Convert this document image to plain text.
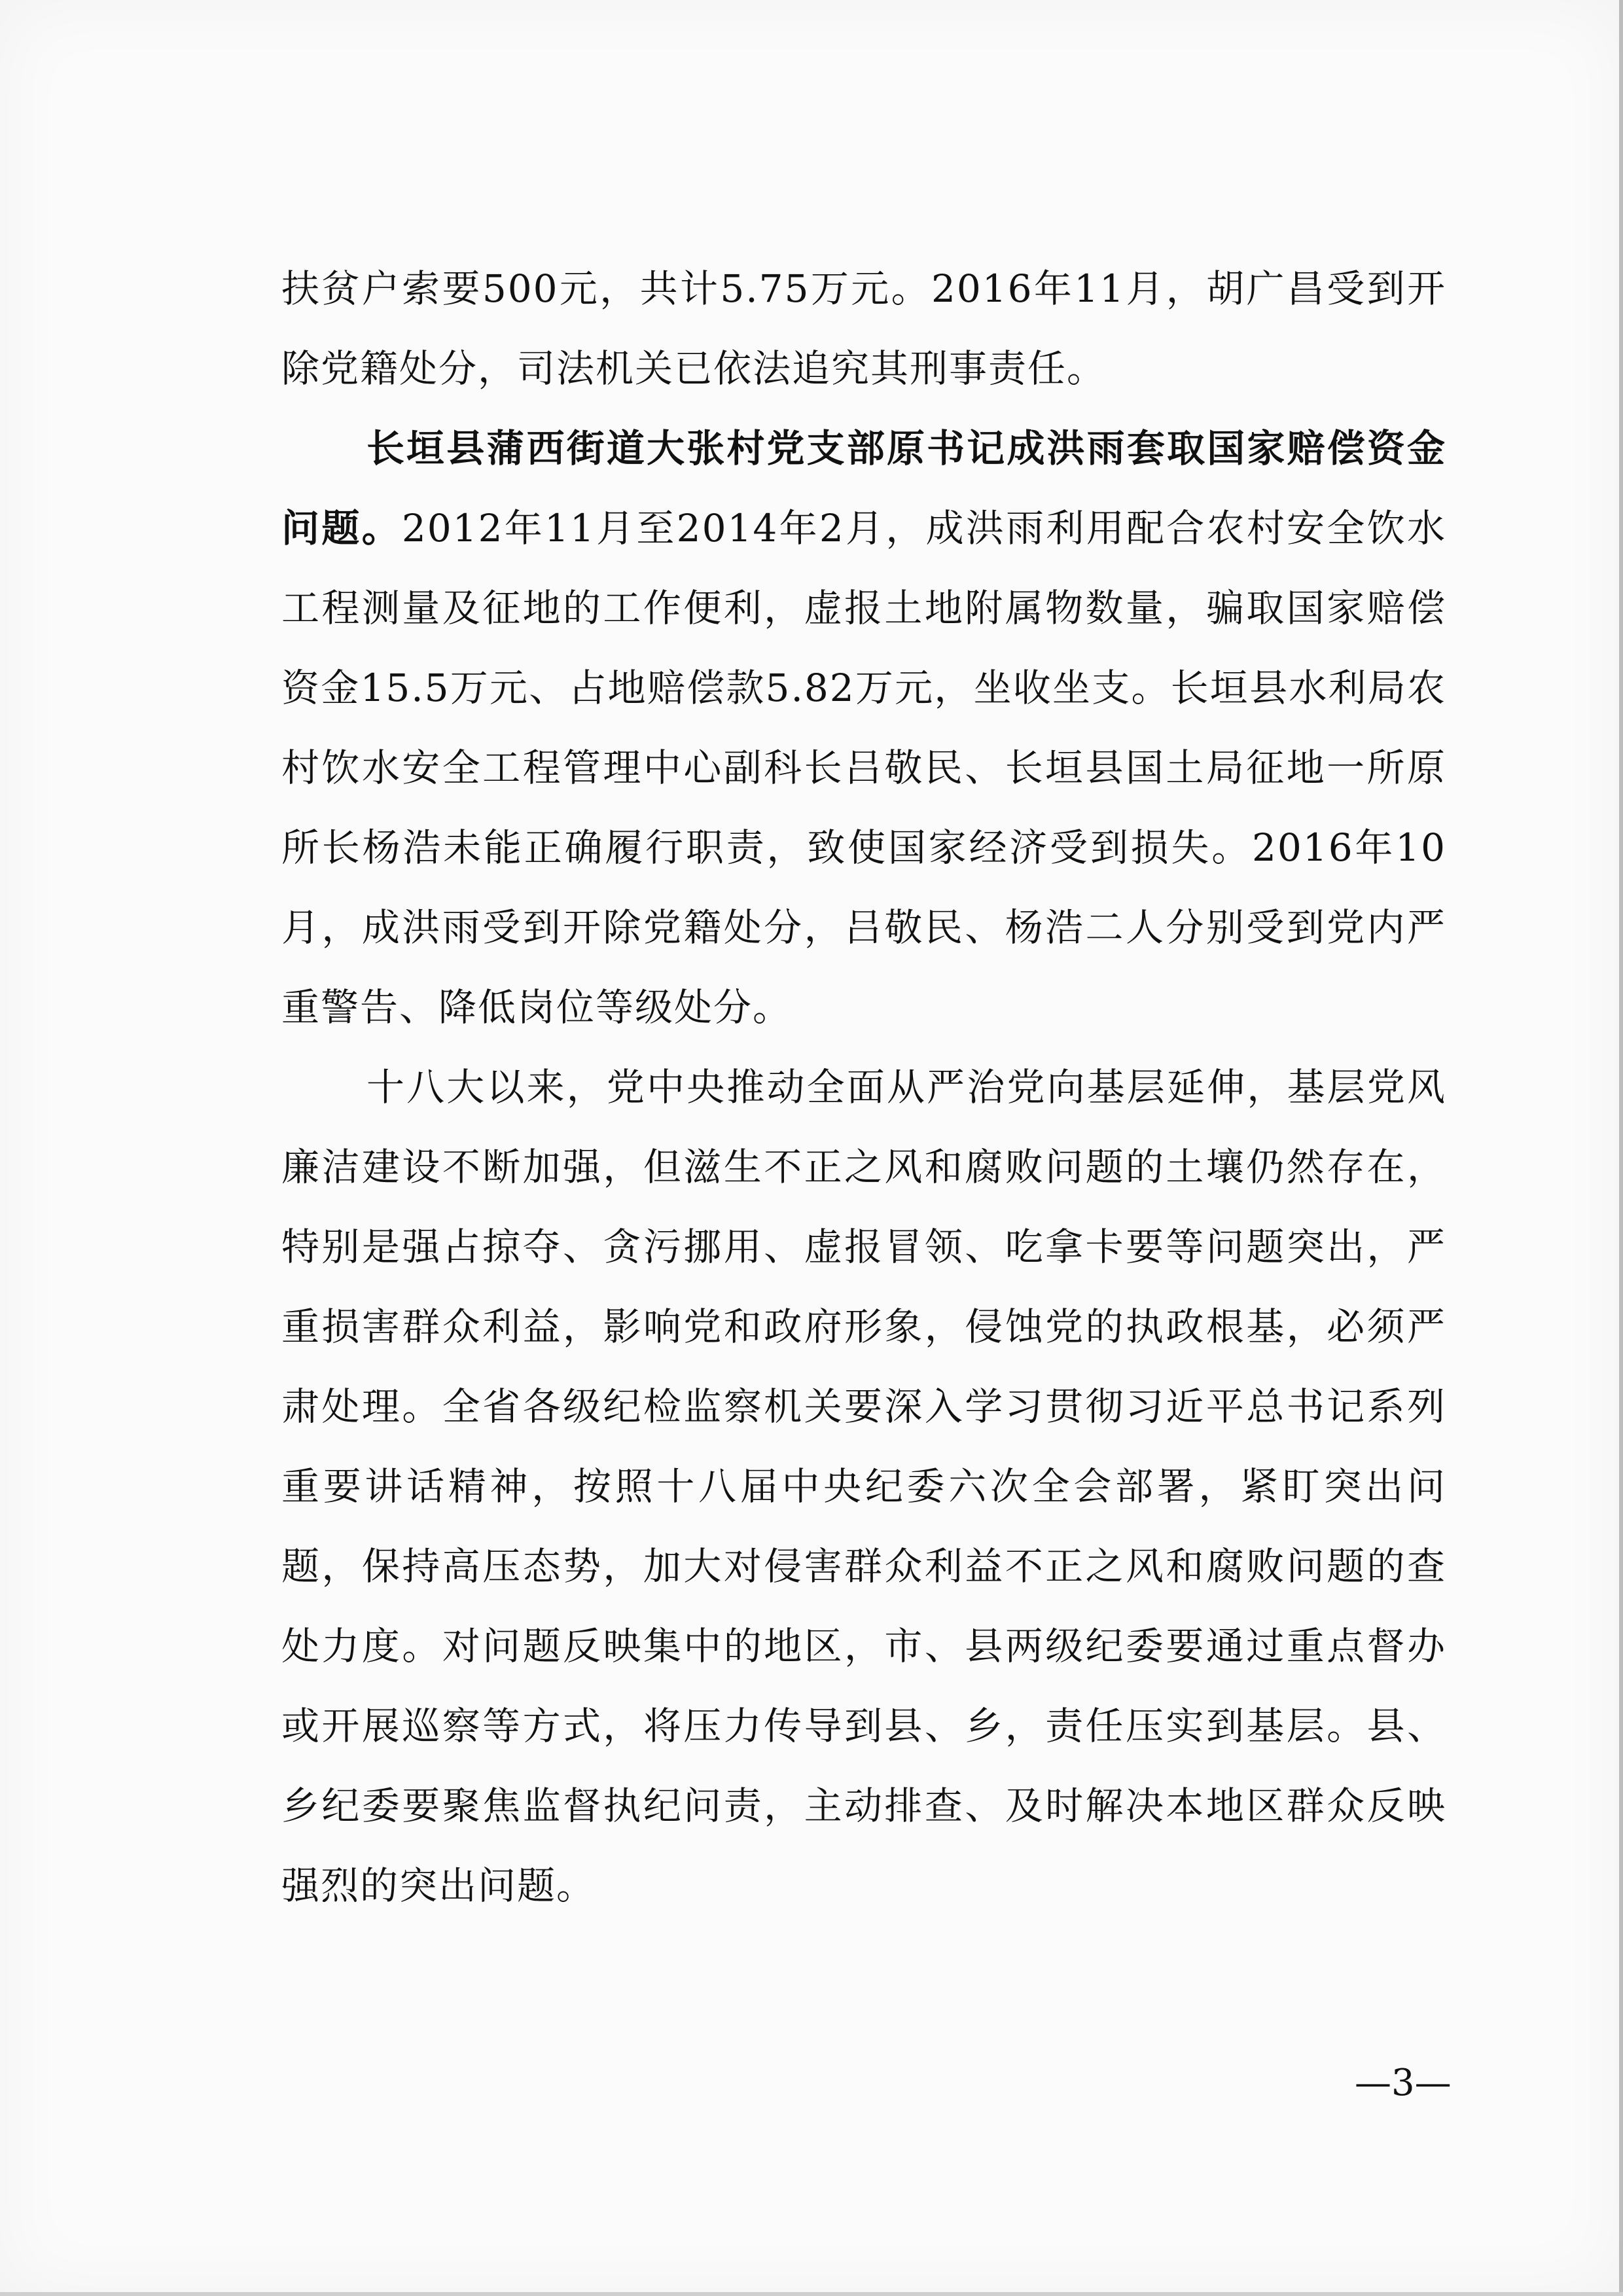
扶贫户索要500元，共计5.75万元。2016年11月，胡广昌受到开除党籍处分，司法机关已依法追究其刑事责任。

长垣县蒲西街道大张村党支部原书记成洪雨套取国家赔偿资金问题。2012年11月至2014年2月，成洪雨利用配合农村安全饮水工程测量及征地的工作便利，虚报土地附属物数量，骗取国家赔偿资金15.5万元、占地赔偿款5.82万元，坐收坐支。长垣县水利局农村饮水安全工程管理中心副科长吕敬民、长垣县国土局征地一所原所长杨浩未能正确履行职责，致使国家经济受到损失。2016年10月，成洪雨受到开除党籍处分，吕敬民、杨浩二人分别受到党内严重警告、降低岗位等级处分。

十八大以来，党中央推动全面从严治党向基层延伸，基层党风廉洁建设不断加强，但滋生不正之风和腐败问题的土壤仍然存在，特别是强占掠夺、贪污挪用、虚报冒领、吃拿卡要等问题突出，严重损害群众利益，影响党和政府形象，侵蚀党的执政根基，必须严肃处理。全省各级纪检监察机关要深入学习贯彻习近平总书记系列重要讲话精神，按照十八届中央纪委六次全会部署，紧盯突出问题，保持高压态势，加大对侵害群众利益不正之风和腐败问题的查处力度。对问题反映集中的地区，市、县两级纪委要通过重点督办或开展巡察等方式，将压力传导到县、乡，责任压实到基层。县、乡纪委要聚焦监督执纪问责，主动排查、及时解决本地区群众反映强烈的突出问题。

—3—
